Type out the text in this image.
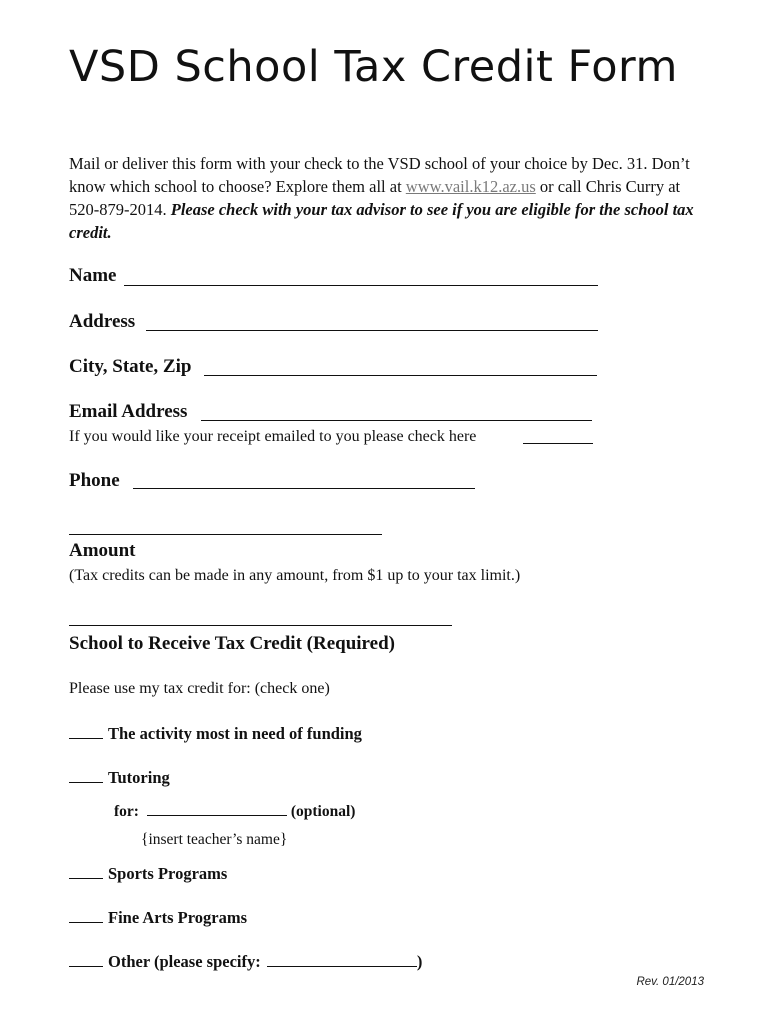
VSD School Tax Credit Form
Mail or deliver this form with your check to the VSD school of your choice by Dec. 31. Don’t know which school to choose? Explore them all at www.vail.k12.az.us or call Chris Curry at 520-879-2014. Please check with your tax advisor to see if you are eligible for the school tax credit.
Name
Address
City, State, Zip
Email Address
If you would like your receipt emailed to you please check here
Phone
Amount
(Tax credits can be made in any amount, from $1 up to your tax limit.)
School to Receive Tax Credit (Required)
Please use my tax credit for: (check one)
The activity most in need of funding
Tutoring
for:	(optional)
{insert teacher’s name}
Sports Programs
Fine Arts Programs
Other (please specify:	)
Rev. 01/2013
